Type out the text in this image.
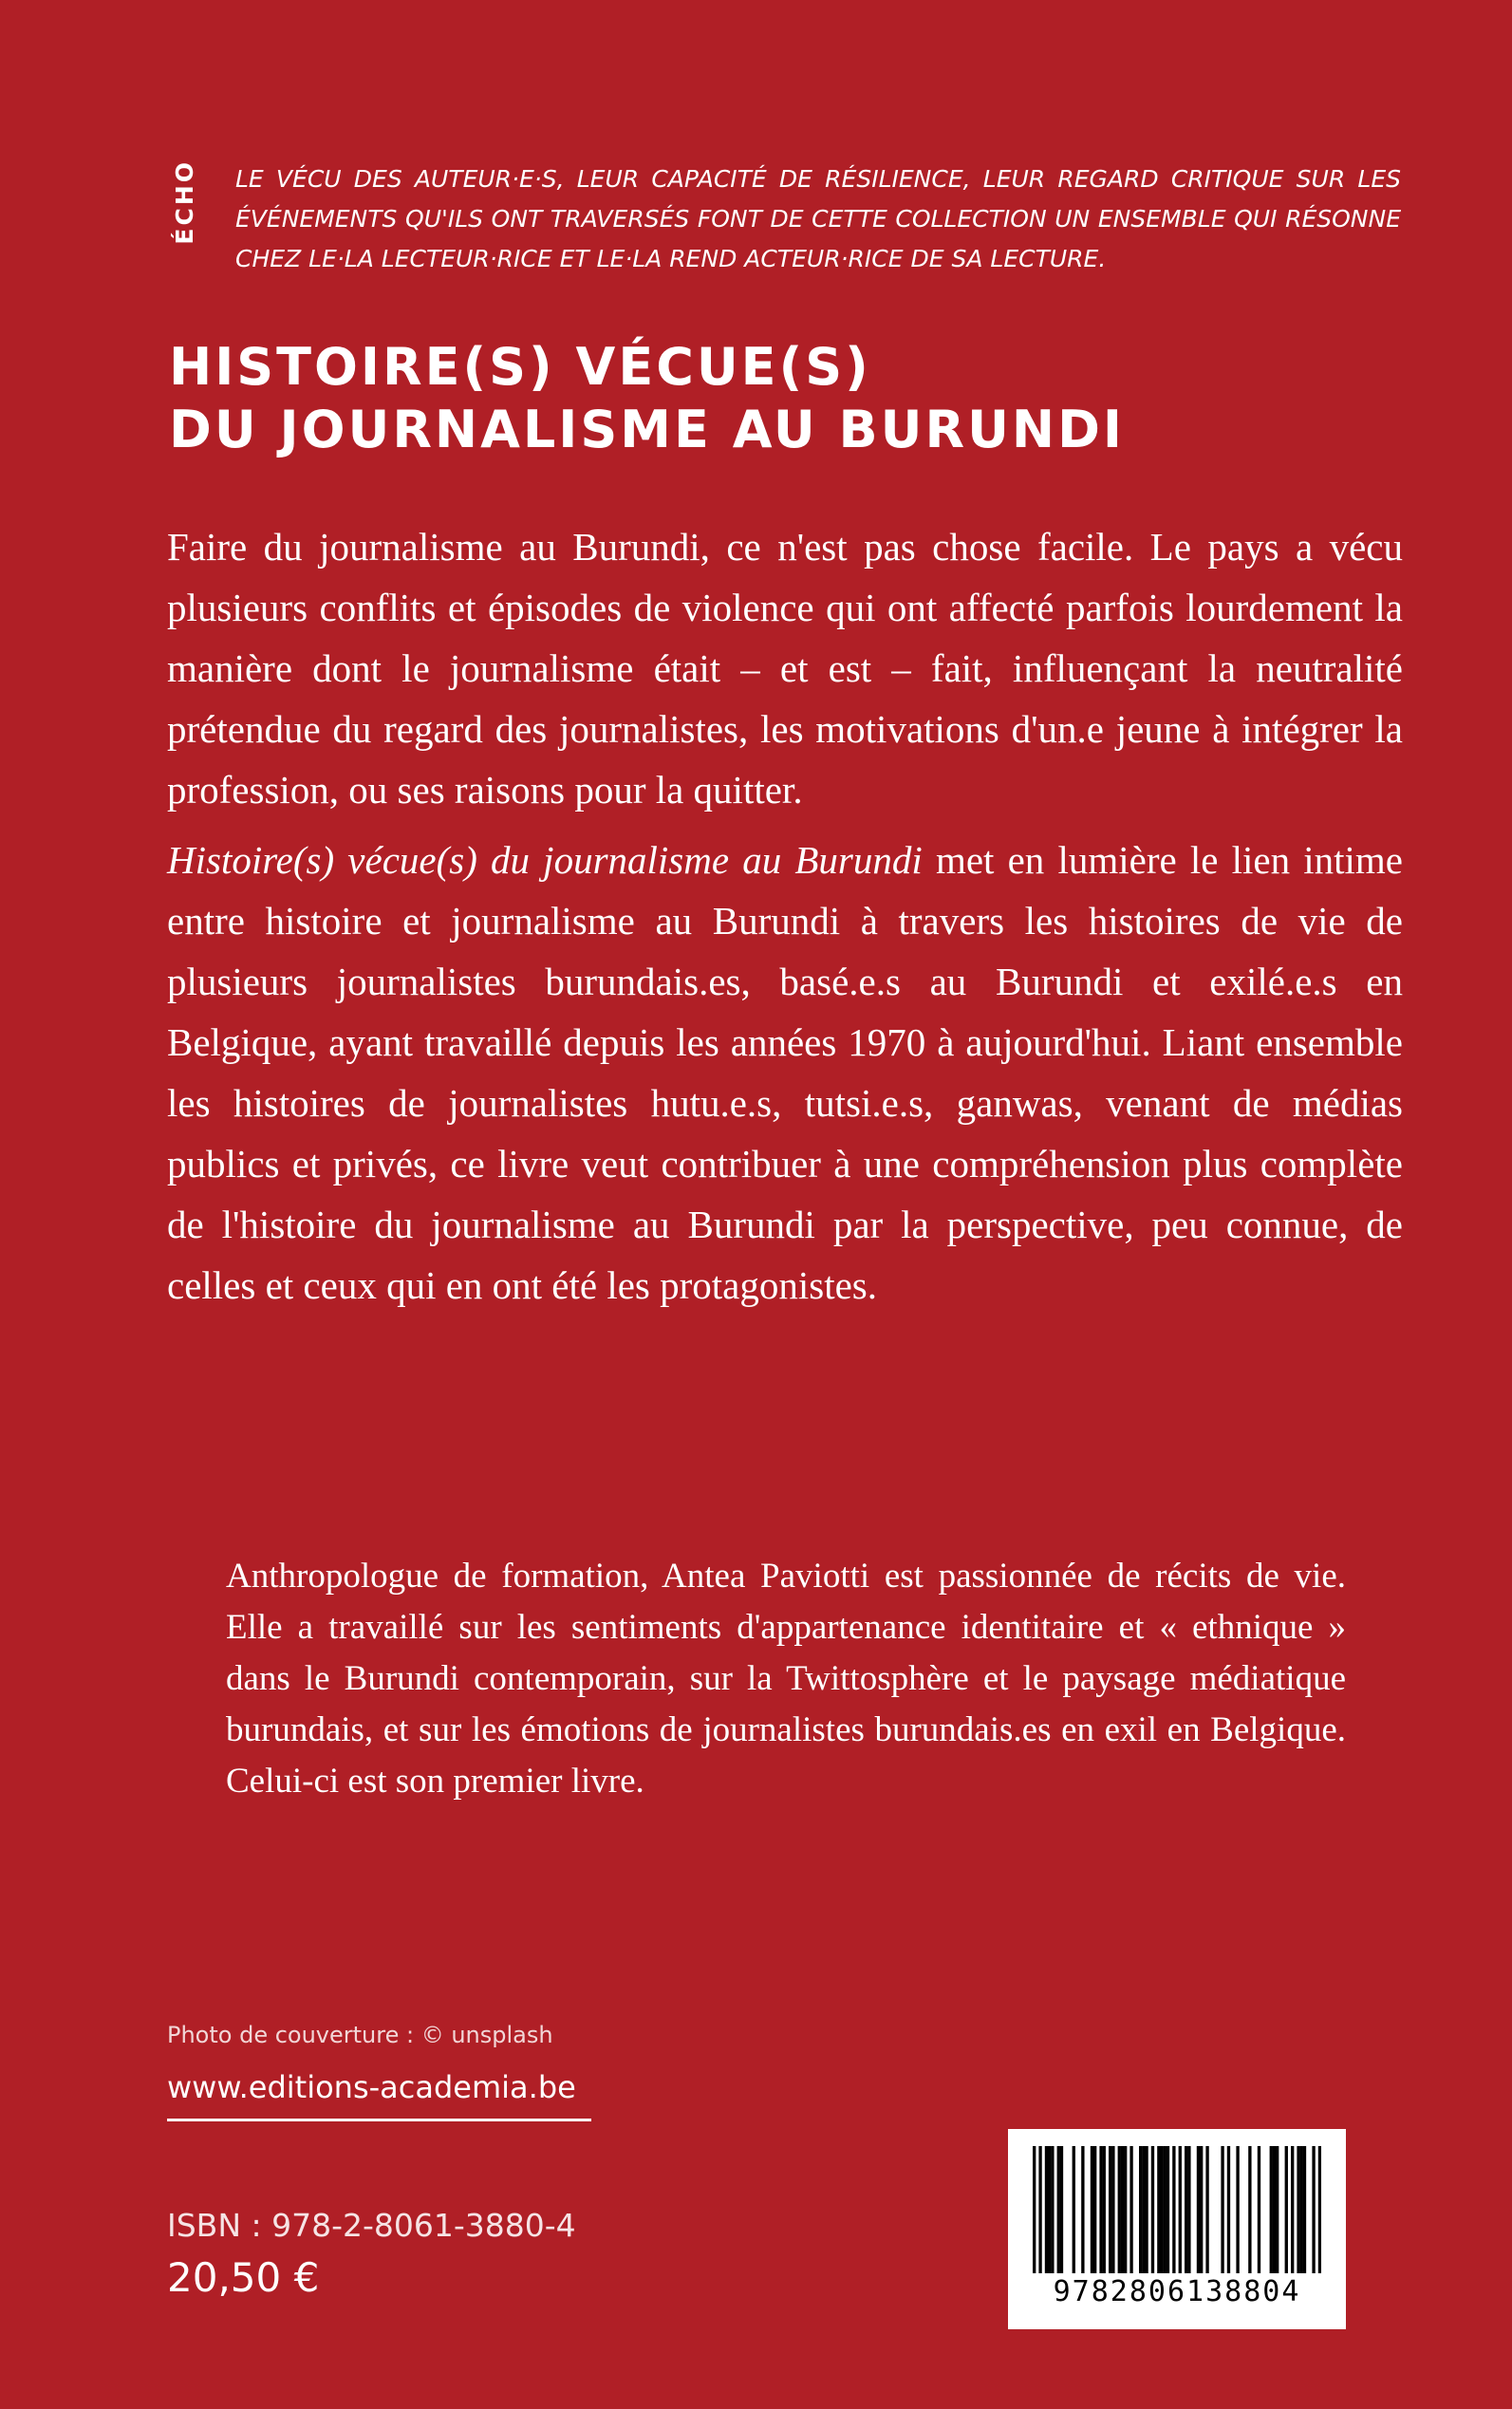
ÉCHO LE VÉCU DES AUTEUR·E·S, LEUR CAPACITÉ DE RÉSILIENCE, LEUR REGARD CRITIQUE SUR LES ÉVÉNEMENTS QU'ILS ONT TRAVERSÉS FONT DE CETTE COLLECTION UN ENSEMBLE QUI RÉSONNE CHEZ LE·LA LECTEUR·RICE ET LE·LA REND ACTEUR·RICE DE SA LECTURE.
HISTOIRE(S) VÉCUE(S)
DU JOURNALISME AU BURUNDI

Faire du journalisme au Burundi, ce n'est pas chose facile. Le pays a vécu plusieurs conflits et épisodes de violence qui ont affecté parfois lourdement la manière dont le journalisme était – et est – fait, influençant la neutralité prétendue du regard des journalistes, les motivations d'un.e jeune à intégrer la profession, ou ses raisons pour la quitter.

Histoire(s) vécue(s) du journalisme au Burundi met en lumière le lien intime entre histoire et journalisme au Burundi à travers les histoires de vie de plusieurs journalistes burundais.es, basé.e.s au Burundi et exilé.e.s en Belgique, ayant travaillé depuis les années 1970 à aujourd'hui. Liant ensemble les histoires de journalistes hutu.e.s, tutsi.e.s, ganwas, venant de médias publics et privés, ce livre veut contribuer à une compréhension plus complète de l'histoire du journalisme au Burundi par la perspective, peu connue, de celles et ceux qui en ont été les protagonistes.

Anthropologue de formation, Antea Paviotti est passionnée de récits de vie. Elle a travaillé sur les sentiments d'appartenance identitaire et « ethnique » dans le Burundi contemporain, sur la Twittosphère et le paysage médiatique burundais, et sur les émotions de journalistes burundais.es en exil en Belgique. Celui-ci est son premier livre.

Photo de couverture : © unsplash
www.editions-academia.be
ISBN : 978-2-8061-3880-4
20,50 €	9782806138804
